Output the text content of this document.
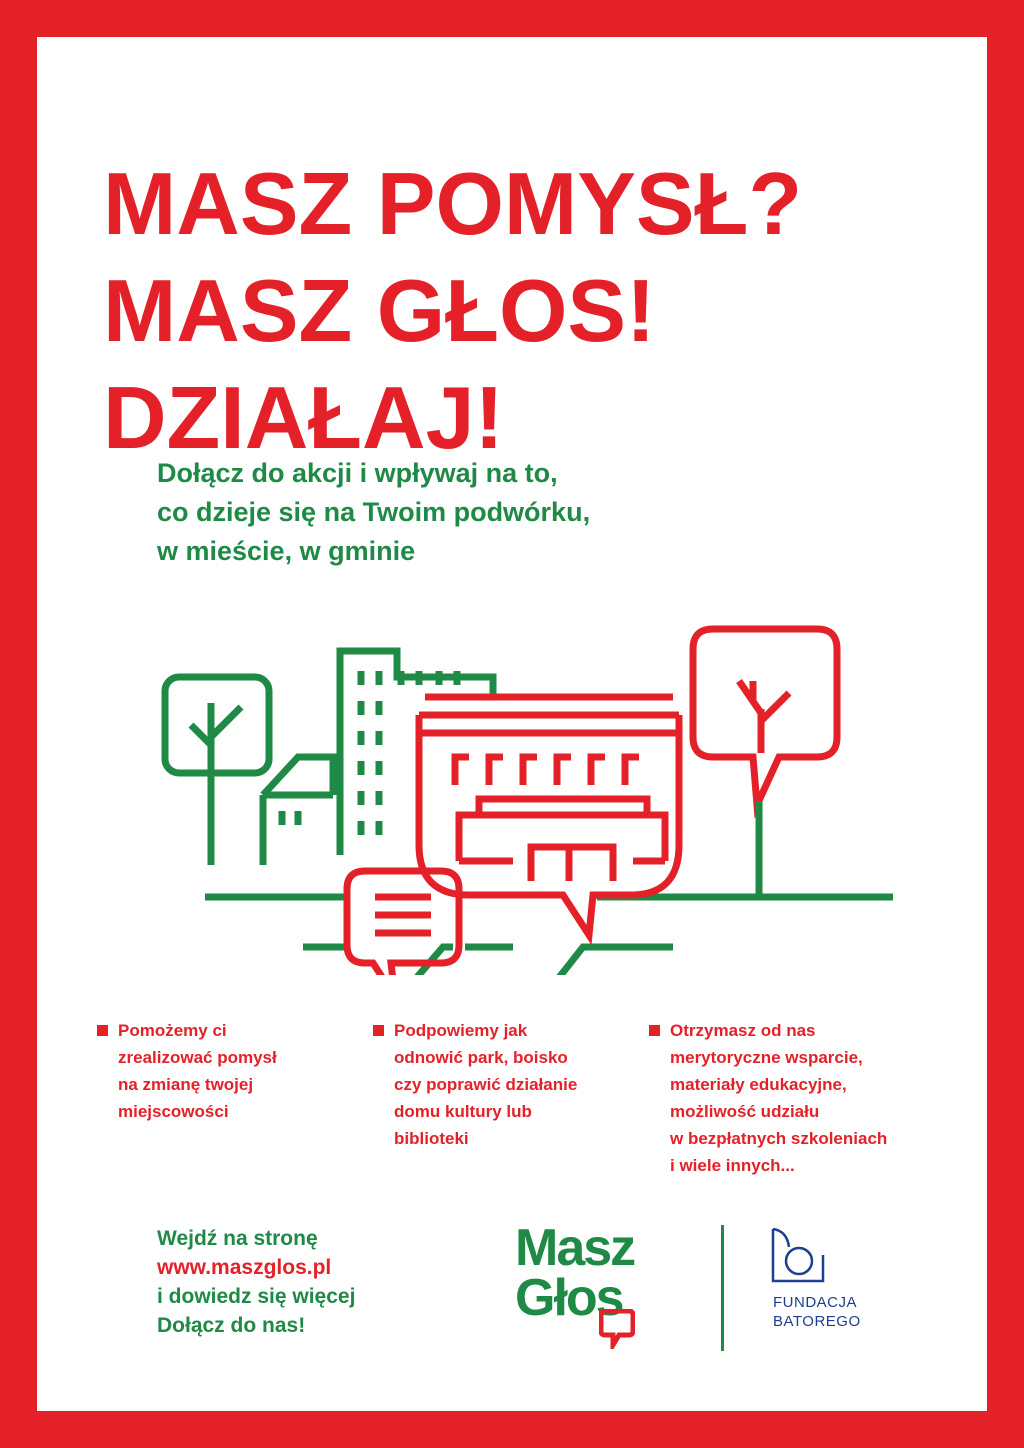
MASZ POMYSŁ?
MASZ GŁOS!
DZIAŁAJ!
Dołącz do akcji i wpływaj na to,
co dzieje się na Twoim podwórku,
w mieście, w gminie
Pomożemy ci
zrealizować pomysł
na zmianę twojej
miejscowości
Podpowiemy jak
odnowić park, boisko
czy poprawić działanie
domu kultury lub
biblioteki
Otrzymasz od nas
merytoryczne wsparcie,
materiały edukacyjne,
możliwość udziału
w bezpłatnych szkoleniach
i wiele innych...
Wejdź na stronę
www.maszglos.pl
i dowiedz się więcej
Dołącz do nas!
Masz
Głos	FUNDACJA
BATOREGO
